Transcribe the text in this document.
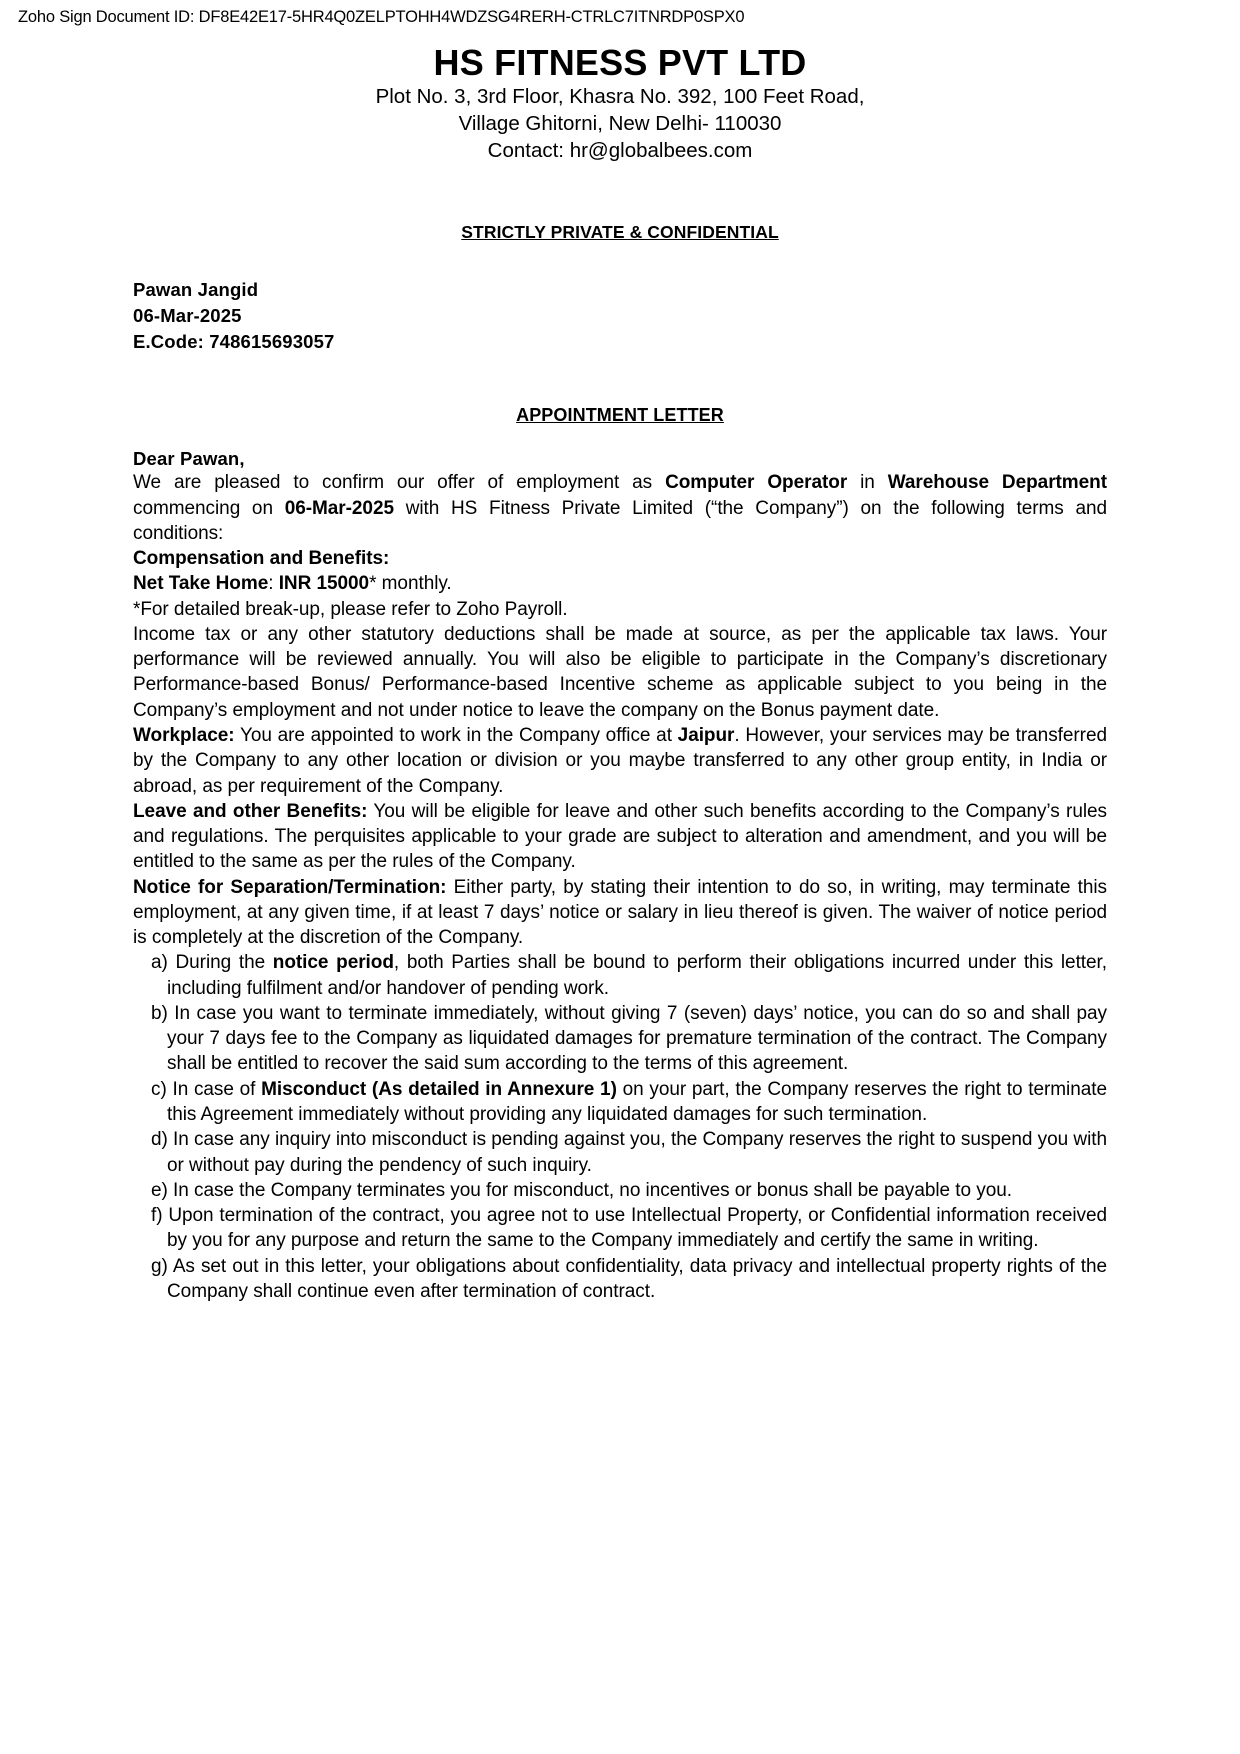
Zoho Sign Document ID: DF8E42E17-5HR4Q0ZELPTOHH4WDZSG4RERH-CTRLC7ITNRDP0SPX0
HS FITNESS PVT LTD
Plot No. 3, 3rd Floor, Khasra No. 392, 100 Feet Road,
Village Ghitorni, New Delhi- 110030
Contact: hr@globalbees.com
STRICTLY PRIVATE & CONFIDENTIAL
Pawan Jangid
06-Mar-2025
E.Code: 748615693057
APPOINTMENT LETTER
Dear Pawan,

We are pleased to confirm our offer of employment as Computer Operator in Warehouse Department commencing on 06-Mar-2025 with HS Fitness Private Limited (“the Company”) on the following terms and conditions:

Compensation and Benefits:

Net Take Home: INR 15000* monthly.

*For detailed break-up, please refer to Zoho Payroll.

Income tax or any other statutory deductions shall be made at source, as per the applicable tax laws. Your performance will be reviewed annually. You will also be eligible to participate in the Company’s discretionary Performance-based Bonus/ Performance-based Incentive scheme as applicable subject to you being in the Company’s employment and not under notice to leave the company on the Bonus payment date.

Workplace: You are appointed to work in the Company office at Jaipur. However, your services may be transferred by the Company to any other location or division or you maybe transferred to any other group entity, in India or abroad, as per requirement of the Company.

Leave and other Benefits: You will be eligible for leave and other such benefits according to the Company’s rules and regulations. The perquisites applicable to your grade are subject to alteration and amendment, and you will be entitled to the same as per the rules of the Company.

Notice for Separation/Termination: Either party, by stating their intention to do so, in writing, may terminate this employment, at any given time, if at least 7 days’ notice or salary in lieu thereof is given. The waiver of notice period is completely at the discretion of the Company.

a) During the notice period, both Parties shall be bound to perform their obligations incurred under this letter, including fulfilment and/or handover of pending work.
b) In case you want to terminate immediately, without giving 7 (seven) days’ notice, you can do so and shall pay your 7 days fee to the Company as liquidated damages for premature termination of the contract. The Company shall be entitled to recover the said sum according to the terms of this agreement.
c) In case of Misconduct (As detailed in Annexure 1) on your part, the Company reserves the right to terminate this Agreement immediately without providing any liquidated damages for such termination.
d) In case any inquiry into misconduct is pending against you, the Company reserves the right to suspend you with or without pay during the pendency of such inquiry.
e) In case the Company terminates you for misconduct, no incentives or bonus shall be payable to you.
f) Upon termination of the contract, you agree not to use Intellectual Property, or Confidential information received by you for any purpose and return the same to the Company immediately and certify the same in writing.
g) As set out in this letter, your obligations about confidentiality, data privacy and intellectual property rights of the Company shall continue even after termination of contract.
